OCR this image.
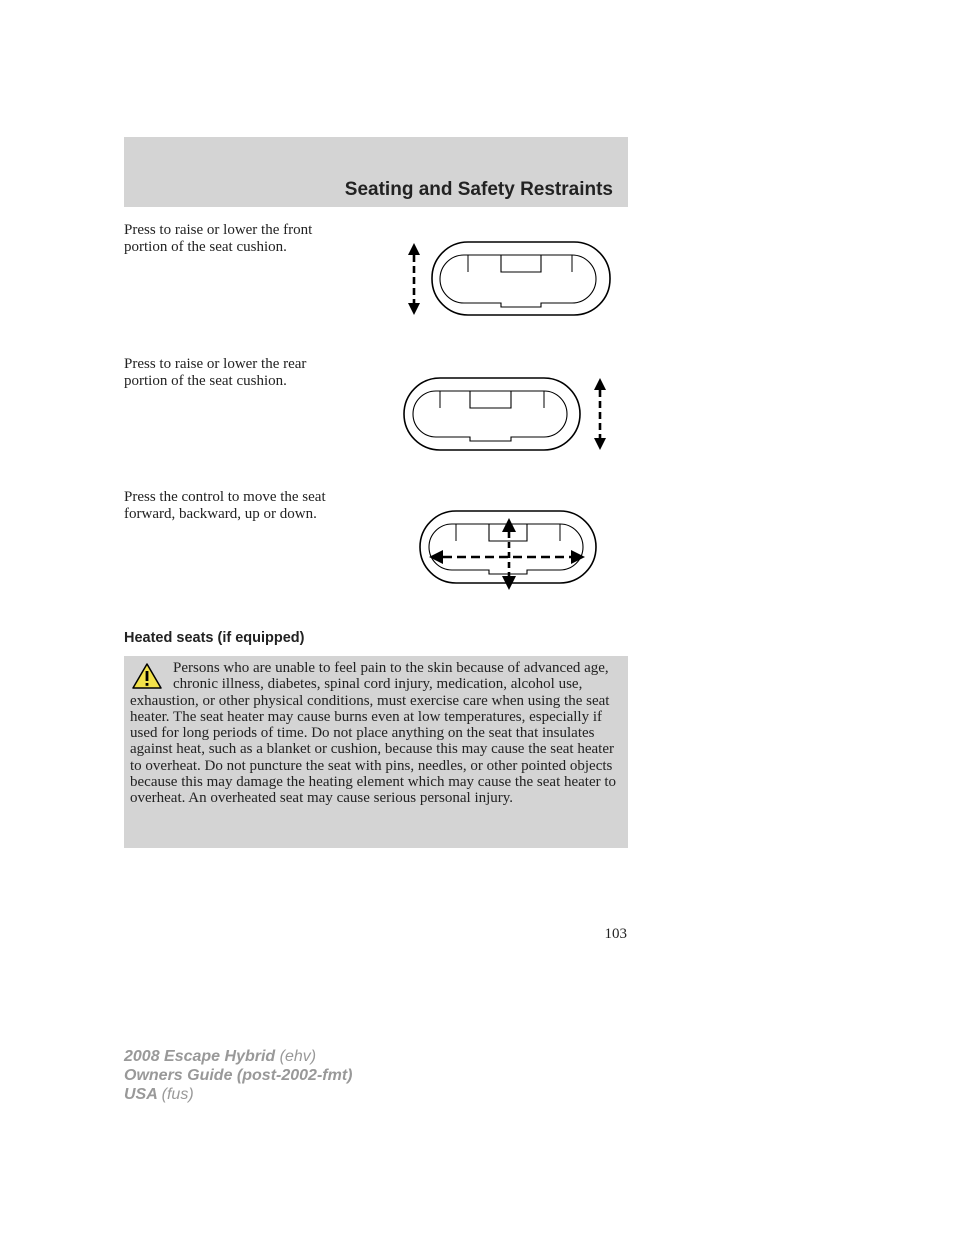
Seating and Safety Restraints
Press to raise or lower the front
portion of the seat cushion.
Press to raise or lower the rear
portion of the seat cushion.
Press the control to move the seat
forward, backward, up or down.
Heated seats (if equipped)
Persons who are unable to feel pain to the skin because of advanced age, chronic illness, diabetes, spinal cord injury, medication, alcohol use, exhaustion, or other physical conditions, must exercise care when using the seat heater. The seat heater may cause burns even at low temperatures, especially if used for long periods of time. Do not place anything on the seat that insulates against heat, such as a blanket or cushion, because this may cause the seat heater to overheat. Do not puncture the seat with pins, needles, or other pointed objects because this may damage the heating element which may cause the seat heater to overheat. An overheated seat may cause serious personal injury.
103
2008 Escape Hybrid (ehv)
Owners Guide (post-2002-fmt)
USA (fus)
